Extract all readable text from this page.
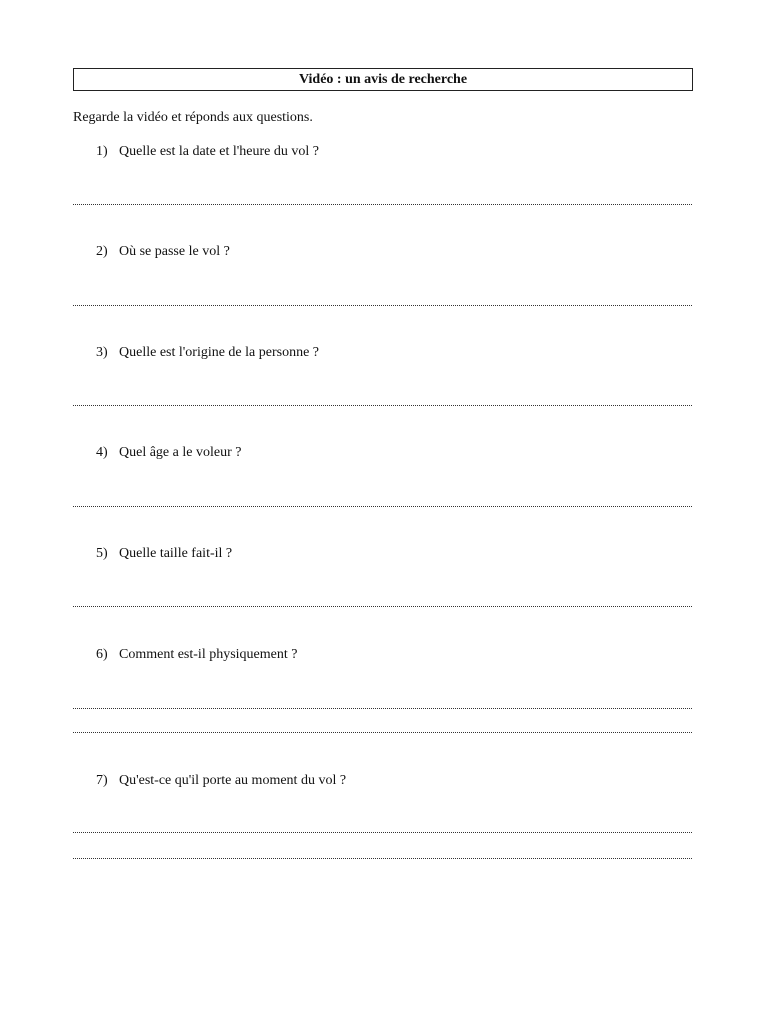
Vidéo : un avis de recherche
Regarde la vidéo et réponds aux questions.
1) Quelle est la date et l'heure du vol ?
2) Où se passe le vol ?
3) Quelle est l'origine de la personne ?
4) Quel âge a le voleur ?
5) Quelle taille fait-il ?
6) Comment est-il physiquement ?
7) Qu'est-ce qu'il porte au moment du vol ?
